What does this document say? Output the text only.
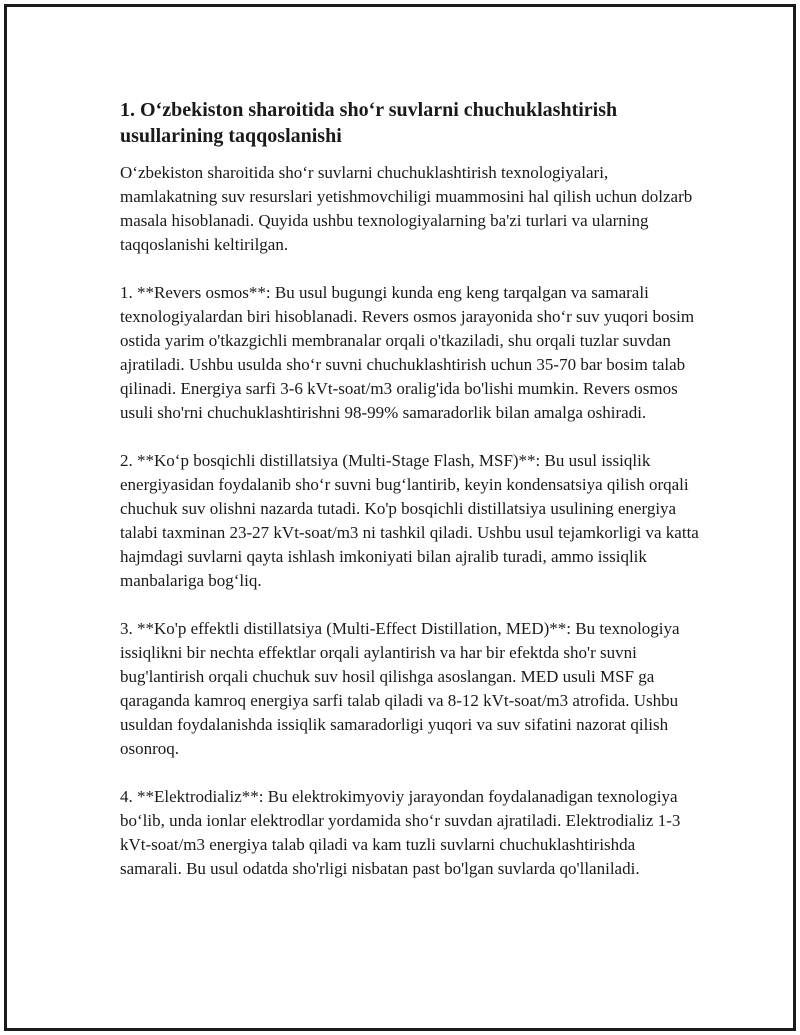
1. O‘zbekiston sharoitida sho‘r suvlarni chuchuklashtirish usullarining taqqoslanishi

O‘zbekiston sharoitida sho‘r suvlarni chuchuklashtirish texnologiyalari, mamlakatning suv resurslari yetishmovchiligi muammosini hal qilish uchun dolzarb masala hisoblanadi. Quyida ushbu texnologiyalarning ba'zi turlari va ularning taqqoslanishi keltirilgan.

1. **Revers osmos**: Bu usul bugungi kunda eng keng tarqalgan va samarali texnologiyalardan biri hisoblanadi. Revers osmos jarayonida sho‘r suv yuqori bosim ostida yarim o'tkazgichli membranalar orqali o'tkaziladi, shu orqali tuzlar suvdan ajratiladi. Ushbu usulda sho‘r suvni chuchuklashtirish uchun 35-70 bar bosim talab qilinadi. Energiya sarfi 3-6 kVt-soat/m3 oralig'ida bo'lishi mumkin. Revers osmos usuli sho'rni chuchuklashtirishni 98-99% samaradorlik bilan amalga oshiradi.

2. **Ko‘p bosqichli distillatsiya (Multi-Stage Flash, MSF)**: Bu usul issiqlik energiyasidan foydalanib sho‘r suvni bug‘lantirib, keyin kondensatsiya qilish orqali chuchuk suv olishni nazarda tutadi. Ko'p bosqichli distillatsiya usulining energiya talabi taxminan 23-27 kVt-soat/m3 ni tashkil qiladi. Ushbu usul tejamkorligi va katta hajmdagi suvlarni qayta ishlash imkoniyati bilan ajralib turadi, ammo issiqlik manbalariga bog‘liq.

3. **Ko'p effektli distillatsiya (Multi-Effect Distillation, MED)**: Bu texnologiya issiqlikni bir nechta effektlar orqali aylantirish va har bir efektda sho'r suvni bug'lantirish orqali chuchuk suv hosil qilishga asoslangan. MED usuli MSF ga qaraganda kamroq energiya sarfi talab qiladi va 8-12 kVt-soat/m3 atrofida. Ushbu usuldan foydalanishda issiqlik samaradorligi yuqori va suv sifatini nazorat qilish osonroq.

4. **Elektrodializ**: Bu elektrokimyoviy jarayondan foydalanadigan texnologiya bo‘lib, unda ionlar elektrodlar yordamida sho‘r suvdan ajratiladi. Elektrodializ 1-3 kVt-soat/m3 energiya talab qiladi va kam tuzli suvlarni chuchuklashtirishda samarali. Bu usul odatda sho'rligi nisbatan past bo'lgan suvlarda qo'llaniladi.
